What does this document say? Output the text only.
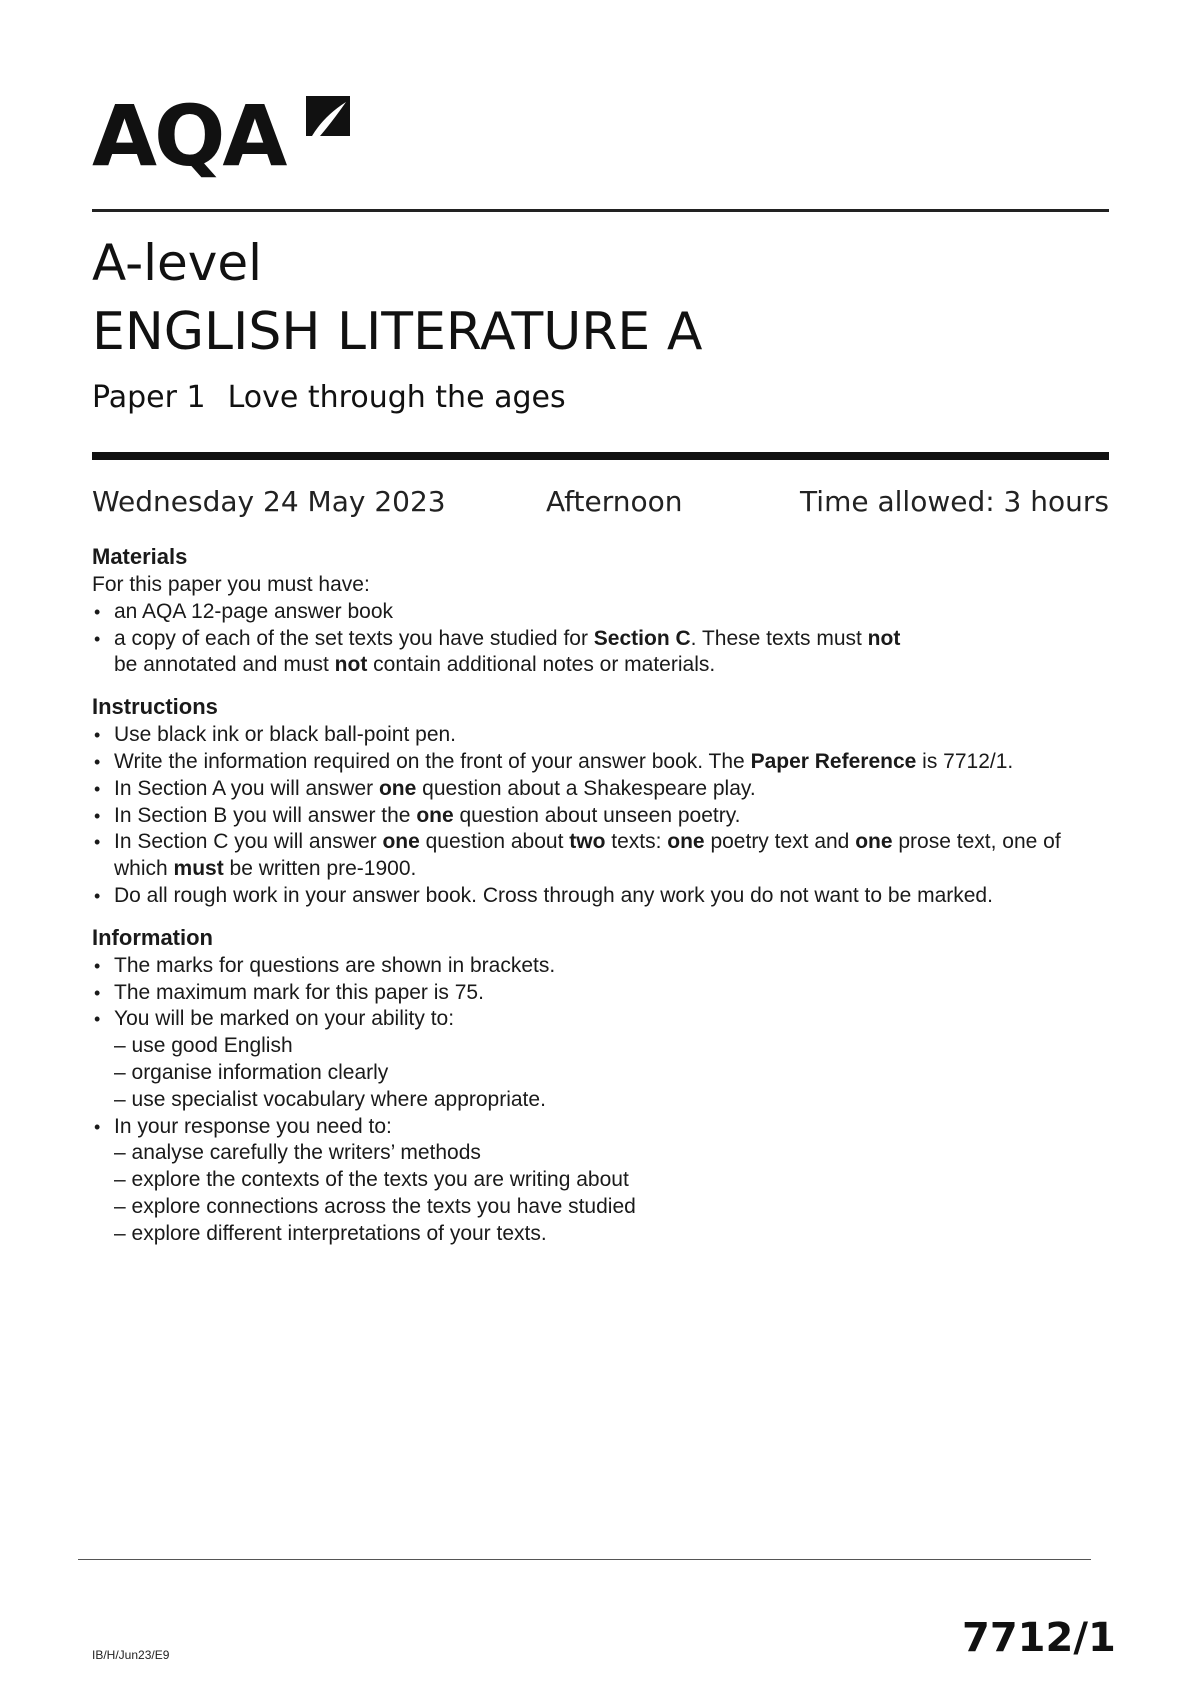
AQA
A-level
ENGLISH LITERATURE A
Paper 1 Love through the ages
Wednesday 24 May 2023	Afternoon	Time allowed: 3 hours

Materials

For this paper you must have:

• an AQA 12-page answer book
• a copy of each of the set texts you have studied for Section C. These texts must not
be annotated and must not contain additional notes or materials.

Instructions

• Use black ink or black ball-point pen.
• Write the information required on the front of your answer book. The Paper Reference is 7712/1.
• In Section A you will answer one question about a Shakespeare play.
• In Section B you will answer the one question about unseen poetry.
• In Section C you will answer one question about two texts: one poetry text and one prose text, one of which must be written pre-1900.
• Do all rough work in your answer book. Cross through any work you do not want to be marked.

Information

• The marks for questions are shown in brackets.
• The maximum mark for this paper is 75.
• You will be marked on your ability to:
– use good English
– organise information clearly
– use specialist vocabulary where appropriate.
• In your response you need to:
– analyse carefully the writers’ methods
– explore the contexts of the texts you are writing about
– explore connections across the texts you have studied
– explore different interpretations of your texts.
IB/H/Jun23/E9	7712/1
